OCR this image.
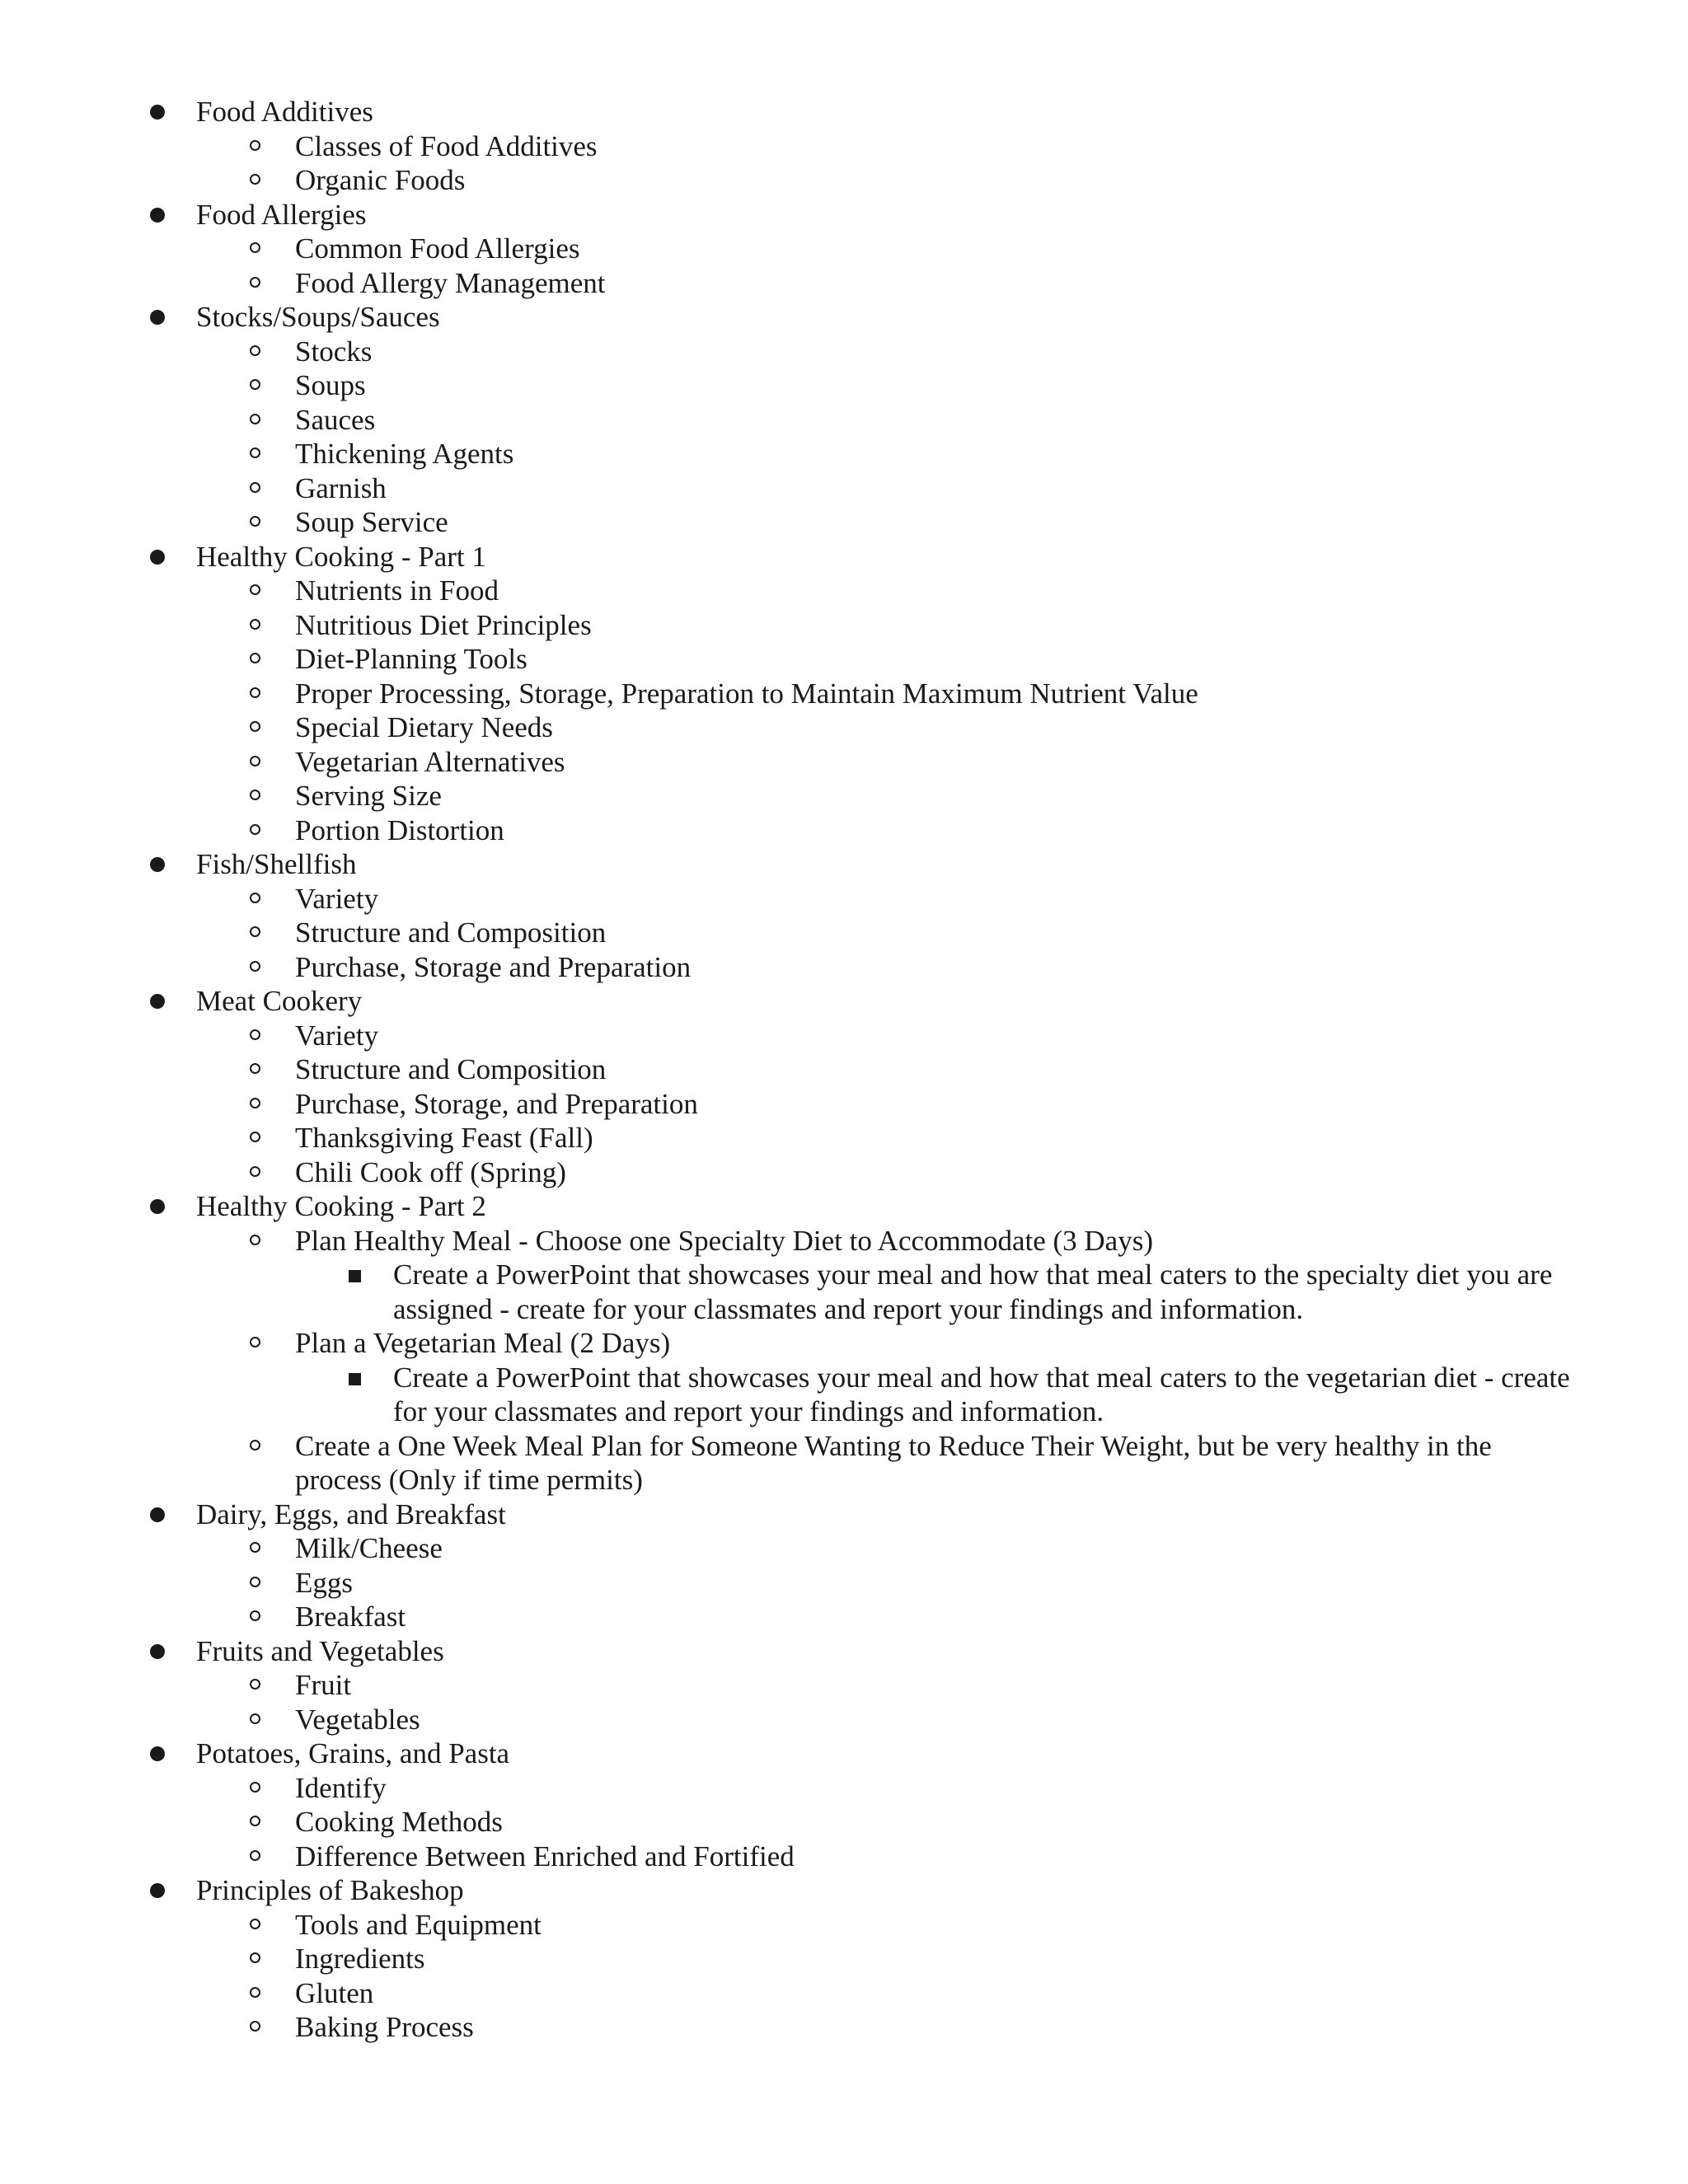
Food Additives
Classes of Food Additives
Organic Foods
Food Allergies
Common Food Allergies
Food Allergy Management
Stocks/Soups/Sauces
Stocks
Soups
Sauces
Thickening Agents
Garnish
Soup Service
Healthy Cooking - Part 1
Nutrients in Food
Nutritious Diet Principles
Diet-Planning Tools
Proper Processing, Storage, Preparation to Maintain Maximum Nutrient Value
Special Dietary Needs
Vegetarian Alternatives
Serving Size
Portion Distortion
Fish/Shellfish
Variety
Structure and Composition
Purchase, Storage and Preparation
Meat Cookery
Variety
Structure and Composition
Purchase, Storage, and Preparation
Thanksgiving Feast (Fall)
Chili Cook off (Spring)
Healthy Cooking - Part 2
Plan Healthy Meal - Choose one Specialty Diet to Accommodate (3 Days)
Create a PowerPoint that showcases your meal and how that meal caters to the specialty diet you are assigned - create for your classmates and report your findings and information.
Plan a Vegetarian Meal (2 Days)
Create a PowerPoint that showcases your meal and how that meal caters to the vegetarian diet - create for your classmates and report your findings and information.
Create a One Week Meal Plan for Someone Wanting to Reduce Their Weight, but be very healthy in the process (Only if time permits)
Dairy, Eggs, and Breakfast
Milk/Cheese
Eggs
Breakfast
Fruits and Vegetables
Fruit
Vegetables
Potatoes, Grains, and Pasta
Identify
Cooking Methods
Difference Between Enriched and Fortified
Principles of Bakeshop
Tools and Equipment
Ingredients
Gluten
Baking Process
